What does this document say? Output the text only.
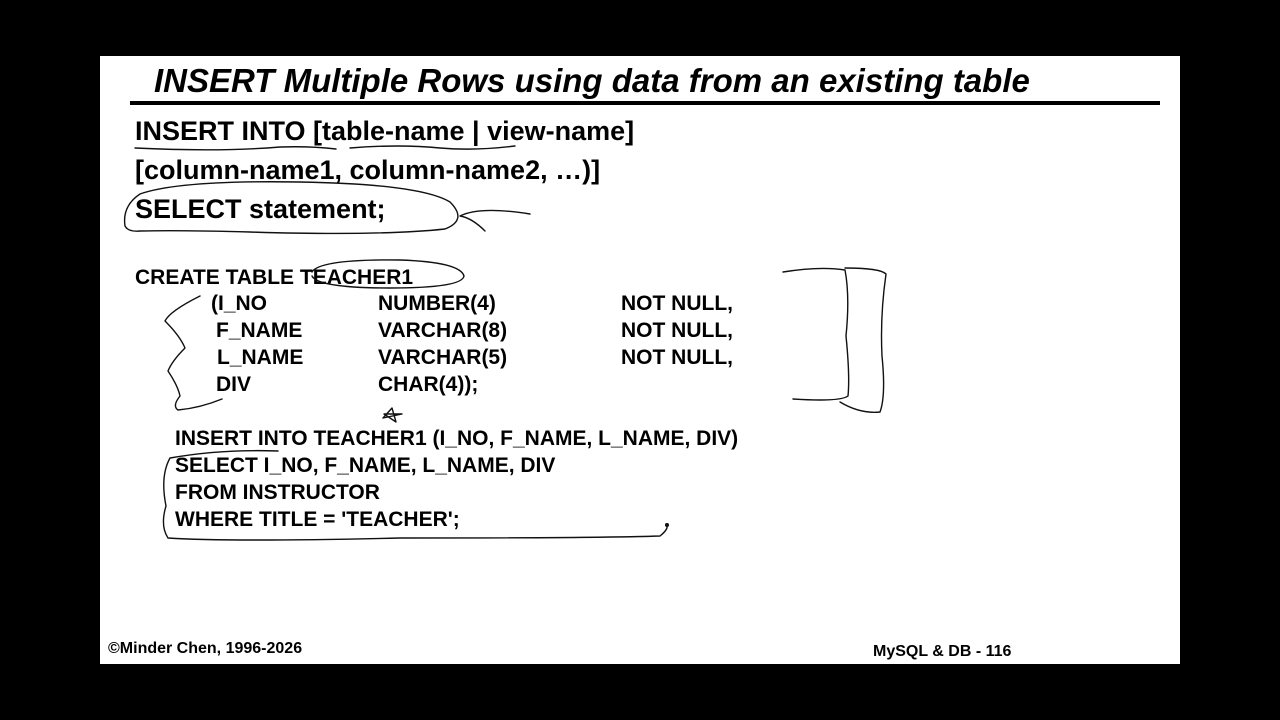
INSERT Multiple Rows using data from an existing table
INSERT INTO [table-name | view-name]
[column-name1, column-name2, …)]
SELECT statement;
CREATE TABLE TEACHER1
(I_NO	NUMBER(4)	NOT NULL,
F_NAME	VARCHAR(8)	NOT NULL,
L_NAME	VARCHAR(5)	NOT NULL,
DIV	CHAR(4));
INSERT INTO TEACHER1 (I_NO, F_NAME, L_NAME, DIV)
SELECT I_NO, F_NAME, L_NAME, DIV
FROM INSTRUCTOR
WHERE TITLE = 'TEACHER';
©Minder Chen, 1996-2026	MySQL & DB - 116
